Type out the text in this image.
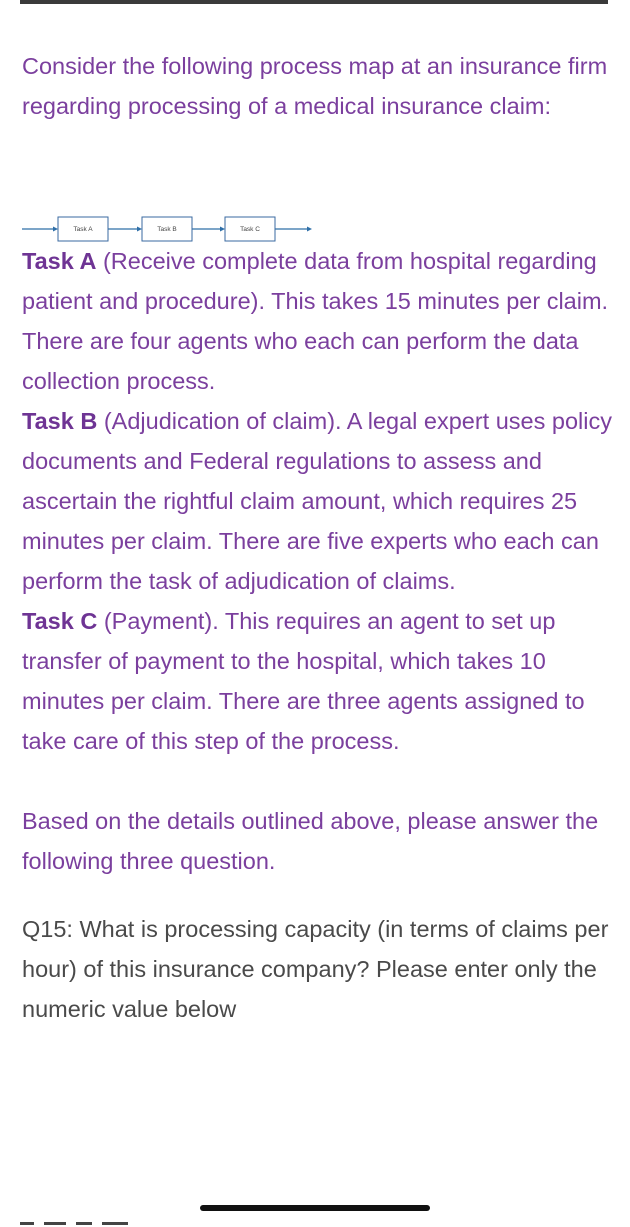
Consider the following process map at an insurance firm regarding processing of a medical insurance claim:

Task A (Receive complete data from hospital regarding patient and procedure). This takes 15 minutes per claim. There are four agents who each can perform the data collection process.

Task B (Adjudication of claim). A legal expert uses policy documents and Federal regulations to assess and ascertain the rightful claim amount, which requires 25 minutes per claim. There are five experts who each can perform the task of adjudication of claims.

Task C (Payment). This requires an agent to set up transfer of payment to the hospital, which takes 10 minutes per claim. There are three agents assigned to take care of this step of the process.

Based on the details outlined above, please answer the following three question.

Q15: What is processing capacity (in terms of claims per hour) of this insurance company? Please enter only the numeric value below

Task A	Task B	Task C
